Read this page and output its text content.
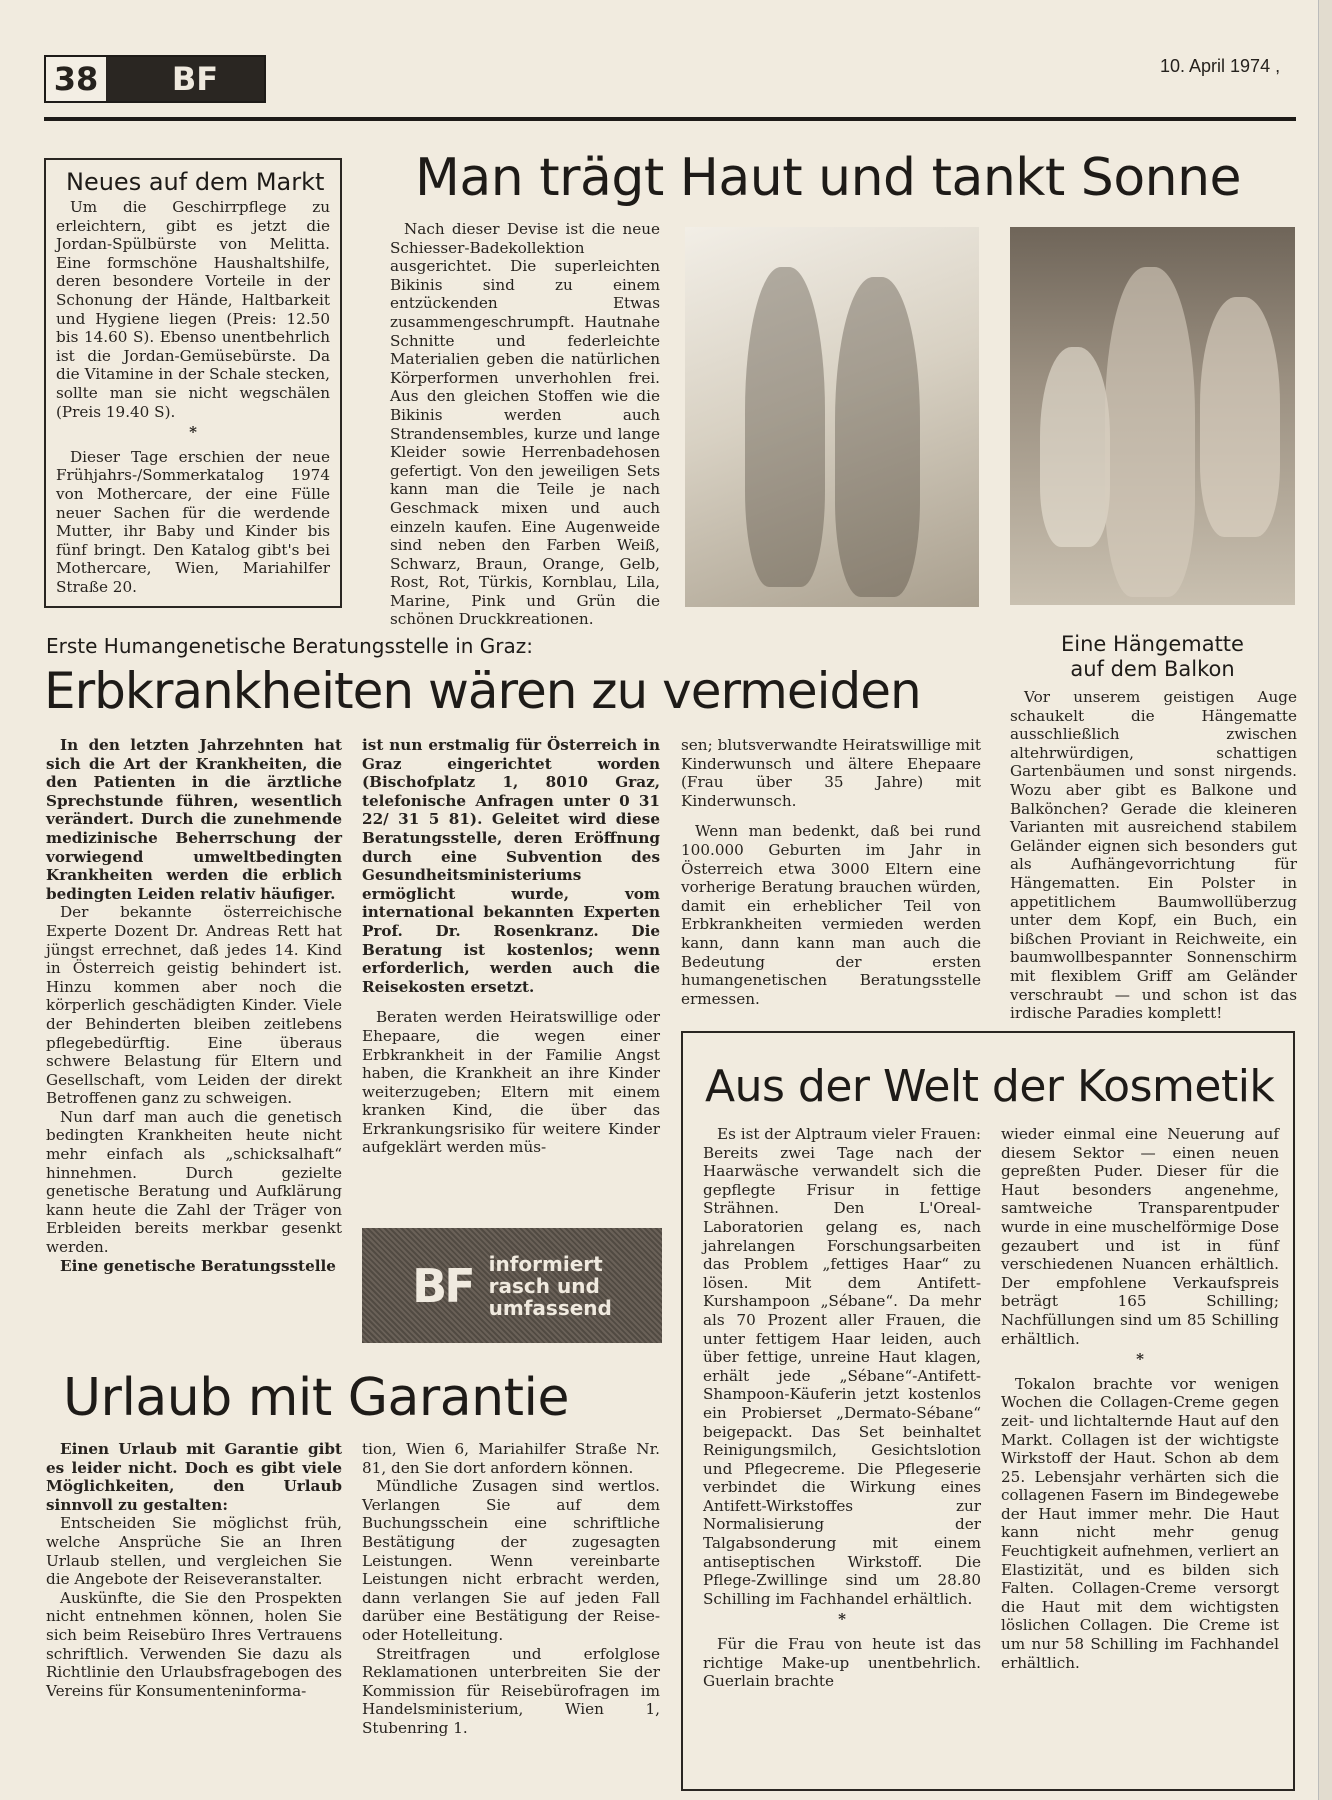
38	BF	10. April 1974 ,
Neues auf dem Markt

Um die Geschirrpflege zu erleichtern, gibt es jetzt die Jordan-Spülbürste von Melitta. Eine formschöne Haushaltshilfe, deren besondere Vorteile in der Schonung der Hände, Haltbarkeit und Hygiene liegen (Preis: 12.50 bis 14.60 S). Ebenso unentbehrlich ist die Jordan-Gemüsebürste. Da die Vitamine in der Schale stecken, sollte man sie nicht wegschälen (Preis 19.40 S).

*

Dieser Tage erschien der neue Frühjahrs-/Sommerkatalog 1974 von Mothercare, der eine Fülle neuer Sachen für die werdende Mutter, ihr Baby und Kinder bis fünf bringt. Den Katalog gibt's bei Mothercare, Wien, Mariahilfer Straße 20.

Man trägt Haut und tankt Sonne

Nach dieser Devise ist die neue Schiesser-Badekollektion ausgerichtet. Die superleichten Bikinis sind zu einem entzückenden Etwas zusammengeschrumpft. Hautnahe Schnitte und federleichte Materialien geben die natürlichen Körperformen unverhohlen frei. Aus den gleichen Stoffen wie die Bikinis werden auch Strandensembles, kurze und lange Kleider sowie Herrenbadehosen gefertigt. Von den jeweiligen Sets kann man die Teile je nach Geschmack mixen und auch einzeln kaufen. Eine Augenweide sind neben den Farben Weiß, Schwarz, Braun, Orange, Gelb, Rost, Rot, Türkis, Kornblau, Lila, Marine, Pink und Grün die schönen Druckkreationen.

Erste Humangenetische Beratungsstelle in Graz:
Erbkrankheiten wären zu vermeiden

In den letzten Jahrzehnten hat sich die Art der Krankheiten, die den Patienten in die ärztliche Sprechstunde führen, wesentlich verändert. Durch die zunehmende medizinische Beherrschung der vorwiegend umweltbedingten Krankheiten werden die erblich bedingten Leiden relativ häufiger.

Der bekannte österreichische Experte Dozent Dr. Andreas Rett hat jüngst errechnet, daß jedes 14. Kind in Österreich geistig behindert ist. Hinzu kommen aber noch die körperlich geschädigten Kinder. Viele der Behinderten bleiben zeitlebens pflegebedürftig. Eine überaus schwere Belastung für Eltern und Gesellschaft, vom Leiden der direkt Betroffenen ganz zu schweigen.

Nun darf man auch die genetisch bedingten Krankheiten heute nicht mehr einfach als „schicksalhaft“ hinnehmen. Durch gezielte genetische Beratung und Aufklärung kann heute die Zahl der Träger von Erbleiden bereits merkbar gesenkt werden.

Eine genetische Beratungsstelle

ist nun erstmalig für Österreich in Graz eingerichtet worden (Bischofplatz 1, 8010 Graz, telefonische Anfragen unter 0 31 22/ 31 5 81). Geleitet wird diese Beratungsstelle, deren Eröffnung durch eine Subvention des Gesundheitsministeriums ermöglicht wurde, vom international bekannten Experten Prof. Dr. Rosenkranz. Die Beratung ist kostenlos; wenn erforderlich, werden auch die Reisekosten ersetzt.

Beraten werden Heiratswillige oder Ehepaare, die wegen einer Erbkrankheit in der Familie Angst haben, die Krankheit an ihre Kinder weiterzugeben; Eltern mit einem kranken Kind, die über das Erkrankungsrisiko für weitere Kinder aufgeklärt werden müs-

sen; blutsverwandte Heiratswillige mit Kinderwunsch und ältere Ehepaare (Frau über 35 Jahre) mit Kinderwunsch.

Wenn man bedenkt, daß bei rund 100.000 Geburten im Jahr in Österreich etwa 3000 Eltern eine vorherige Beratung brauchen würden, damit ein erheblicher Teil von Erbkrankheiten vermieden werden kann, dann kann man auch die Bedeutung der ersten humangenetischen Beratungsstelle ermessen.

BF informiert
rasch und
umfassend
Eine Hängematte
auf dem Balkon

Vor unserem geistigen Auge schaukelt die Hängematte ausschließlich zwischen altehrwürdigen, schattigen Gartenbäumen und sonst nirgends. Wozu aber gibt es Balkone und Balkönchen? Gerade die kleineren Varianten mit ausreichend stabilem Geländer eignen sich besonders gut als Aufhängevorrichtung für Hängematten. Ein Polster in appetitlichem Baumwollüberzug unter dem Kopf, ein Buch, ein bißchen Proviant in Reichweite, ein baumwollbespannter Sonnenschirm mit flexiblem Griff am Geländer verschraubt — und schon ist das irdische Paradies komplett!

Aus der Welt der Kosmetik

Es ist der Alptraum vieler Frauen: Bereits zwei Tage nach der Haarwäsche verwandelt sich die gepflegte Frisur in fettige Strähnen. Den L'Oreal-Laboratorien gelang es, nach jahrelangen Forschungsarbeiten das Problem „fettiges Haar“ zu lösen. Mit dem Antifett-Kurshampoon „Sébane“. Da mehr als 70 Prozent aller Frauen, die unter fettigem Haar leiden, auch über fettige, unreine Haut klagen, erhält jede „Sébane“-Antifett-Shampoon-Käuferin jetzt kostenlos ein Probierset „Dermato-Sébane“ beigepackt. Das Set beinhaltet Reinigungsmilch, Gesichtslotion und Pflegecreme. Die Pflegeserie verbindet die Wirkung eines Antifett-Wirkstoffes zur Normalisierung der Talgabsonderung mit einem antiseptischen Wirkstoff. Die Pflege-Zwillinge sind um 28.80 Schilling im Fachhandel erhältlich.

*

Für die Frau von heute ist das richtige Make-up unentbehrlich. Guerlain brachte

wieder einmal eine Neuerung auf diesem Sektor — einen neuen gepreßten Puder. Dieser für die Haut besonders angenehme, samtweiche Transparentpuder wurde in eine muschelförmige Dose gezaubert und ist in fünf verschiedenen Nuancen erhältlich. Der empfohlene Verkaufspreis beträgt 165 Schilling; Nachfüllungen sind um 85 Schilling erhältlich.

*

Tokalon brachte vor wenigen Wochen die Collagen-Creme gegen zeit- und lichtalternde Haut auf den Markt. Collagen ist der wichtigste Wirkstoff der Haut. Schon ab dem 25. Lebensjahr verhärten sich die collagenen Fasern im Bindegewebe der Haut immer mehr. Die Haut kann nicht mehr genug Feuchtigkeit aufnehmen, verliert an Elastizität, und es bilden sich Falten. Collagen-Creme versorgt die Haut mit dem wichtigsten löslichen Collagen. Die Creme ist um nur 58 Schilling im Fachhandel erhältlich.

Urlaub mit Garantie

Einen Urlaub mit Garantie gibt es leider nicht. Doch es gibt viele Möglichkeiten, den Urlaub sinnvoll zu gestalten:

Entscheiden Sie möglichst früh, welche Ansprüche Sie an Ihren Urlaub stellen, und vergleichen Sie die Angebote der Reiseveranstalter.

Auskünfte, die Sie den Prospekten nicht entnehmen können, holen Sie sich beim Reisebüro Ihres Vertrauens schriftlich. Verwenden Sie dazu als Richtlinie den Urlaubsfragebogen des Vereins für Konsumenteninforma-

tion, Wien 6, Mariahilfer Straße Nr. 81, den Sie dort anfordern können.

Mündliche Zusagen sind wertlos. Verlangen Sie auf dem Buchungsschein eine schriftliche Bestätigung der zugesagten Leistungen. Wenn vereinbarte Leistungen nicht erbracht werden, dann verlangen Sie auf jeden Fall darüber eine Bestätigung der Reise- oder Hotelleitung.

Streitfragen und erfolglose Reklamationen unterbreiten Sie der Kommission für Reisebürofragen im Handelsministerium, Wien 1, Stubenring 1.
